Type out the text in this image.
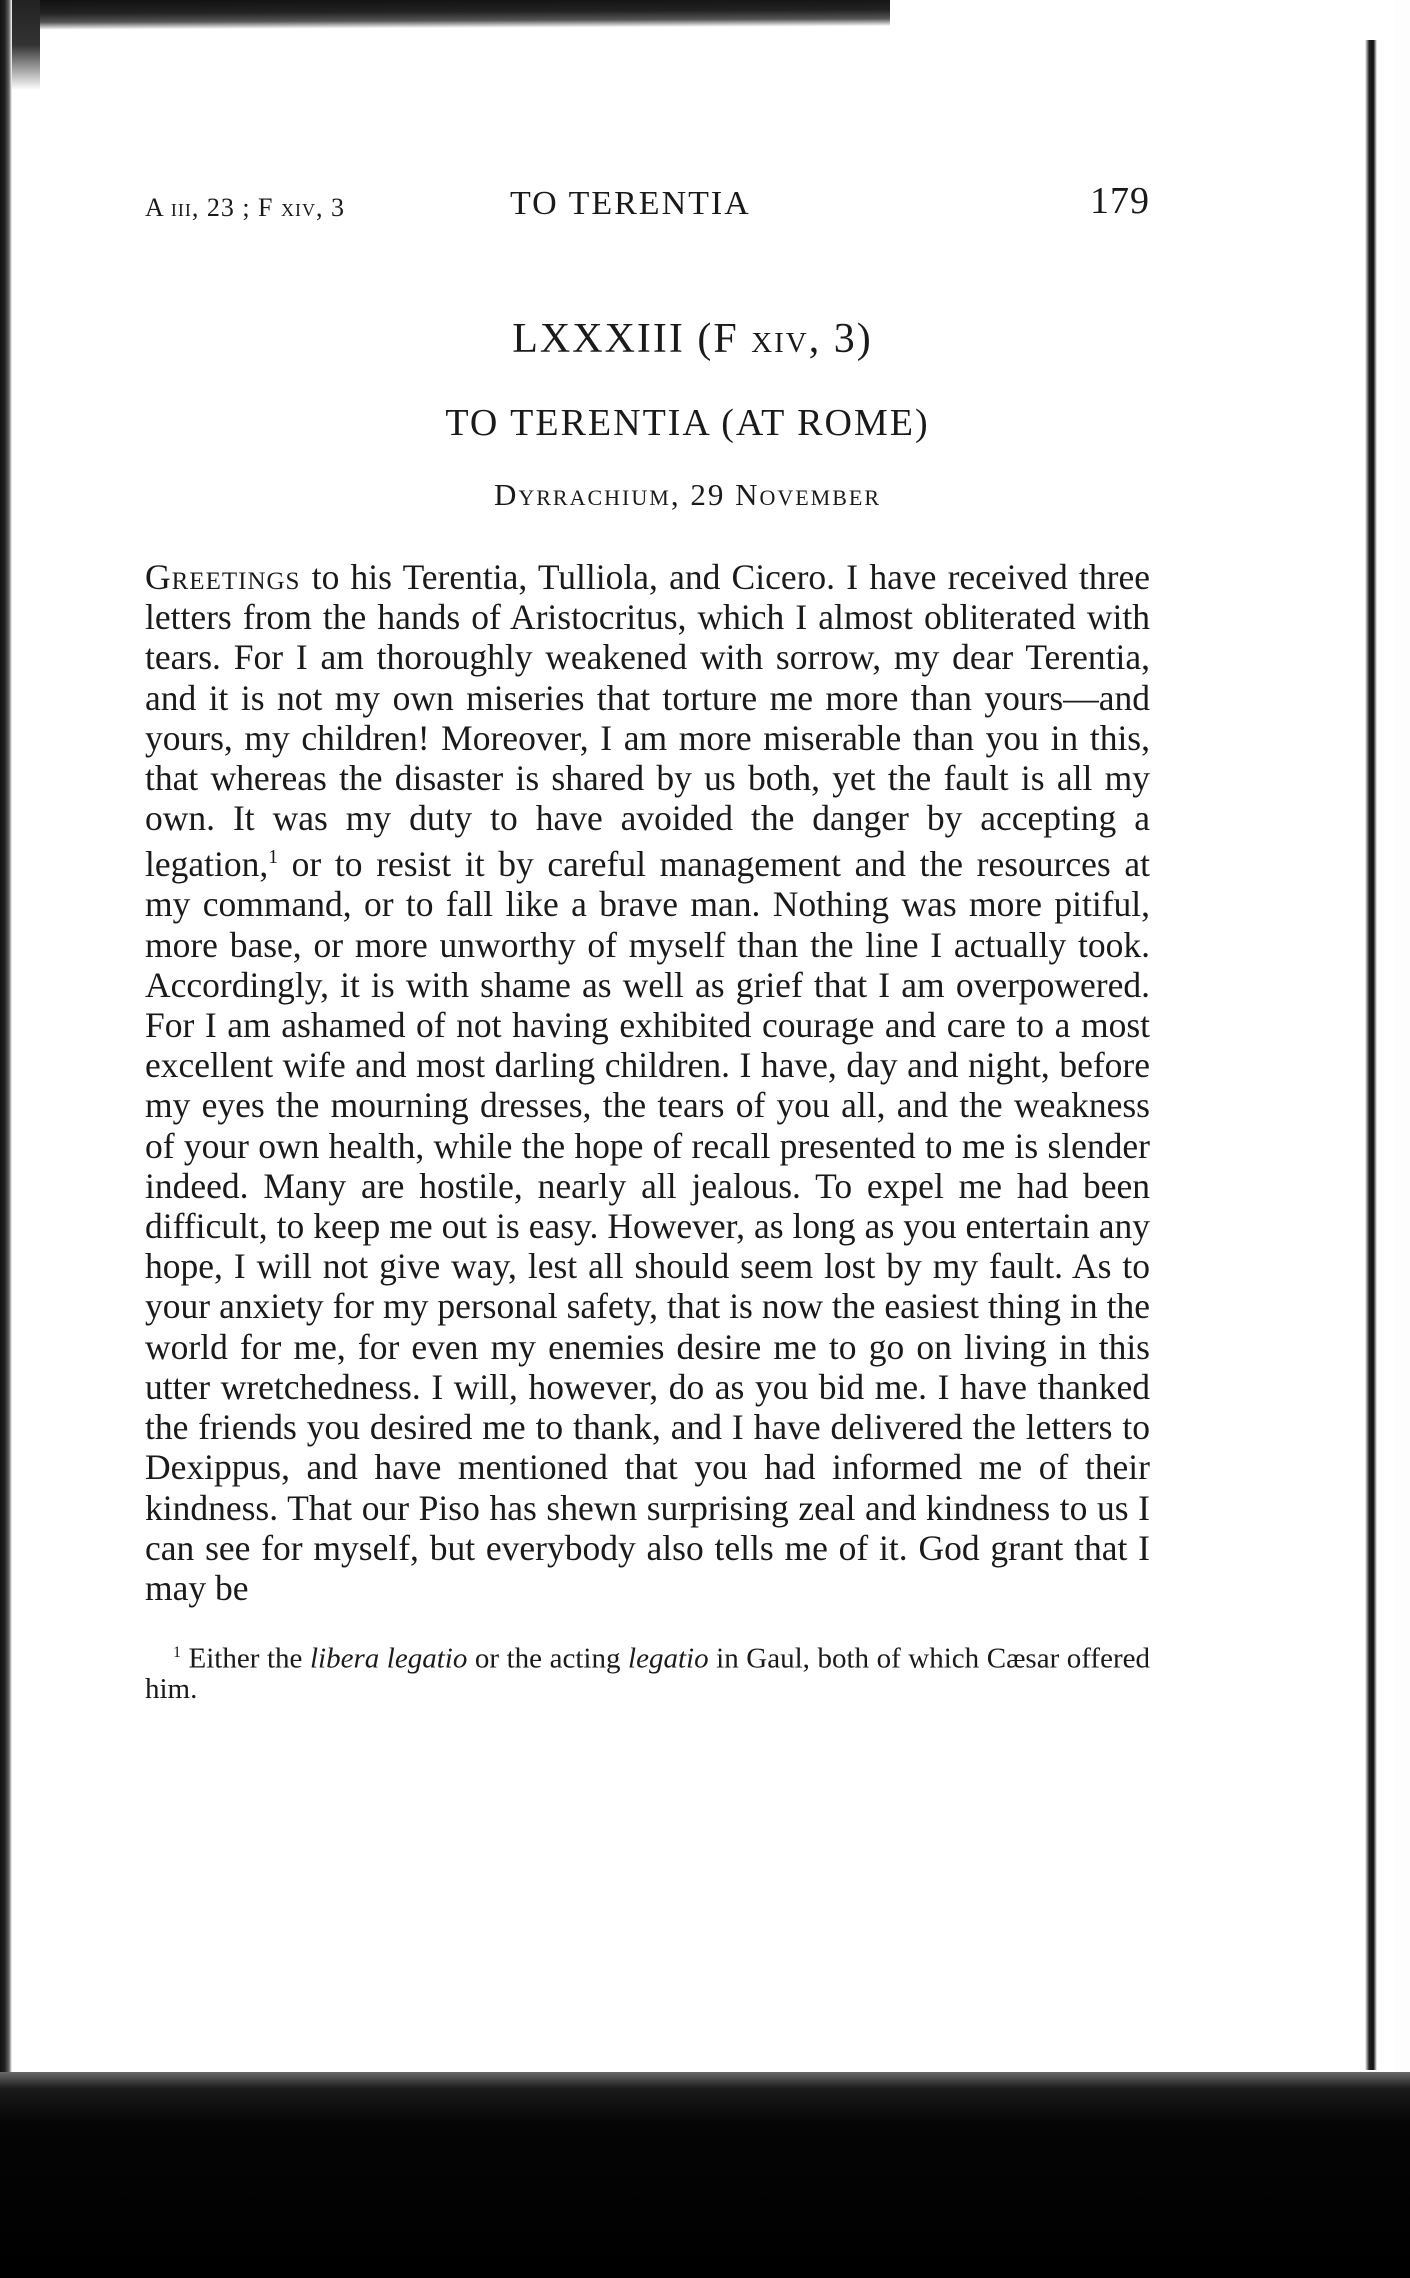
A iii, 23 ; F xiv, 3	TO TERENTIA	179
LXXXIII (F xiv, 3)
TO TERENTIA (AT ROME)
Dyrrachium, 29 November
Greetings to his Terentia, Tulliola, and Cicero. I have received three letters from the hands of Aristocritus, which I almost obliterated with tears. For I am thoroughly weakened with sorrow, my dear Terentia, and it is not my own miseries that torture me more than yours—and yours, my children! Moreover, I am more miserable than you in this, that whereas the disaster is shared by us both, yet the fault is all my own. It was my duty to have avoided the danger by accepting a legation,$^1$ or to resist it by careful management and the resources at my command, or to fall like a brave man. Nothing was more pitiful, more base, or more unworthy of myself than the line I actually took. Accordingly, it is with shame as well as grief that I am overpowered. For I am ashamed of not having exhibited courage and care to a most excellent wife and most darling children. I have, day and night, before my eyes the mourning dresses, the tears of you all, and the weakness of your own health, while the hope of recall presented to me is slender indeed. Many are hostile, nearly all jealous. To expel me had been difficult, to keep me out is easy. However, as long as you entertain any hope, I will not give way, lest all should seem lost by my fault. As to your anxiety for my personal safety, that is now the easiest thing in the world for me, for even my enemies desire me to go on living in this utter wretchedness. I will, however, do as you bid me. I have thanked the friends you desired me to thank, and I have delivered the letters to Dexippus, and have mentioned that you had informed me of their kindness. That our Piso has shewn surprising zeal and kindness to us I can see for myself, but everybody also tells me of it. God grant that I may be
$^1$ Either the libera legatio or the acting legatio in Gaul, both of which Cæsar offered him.
